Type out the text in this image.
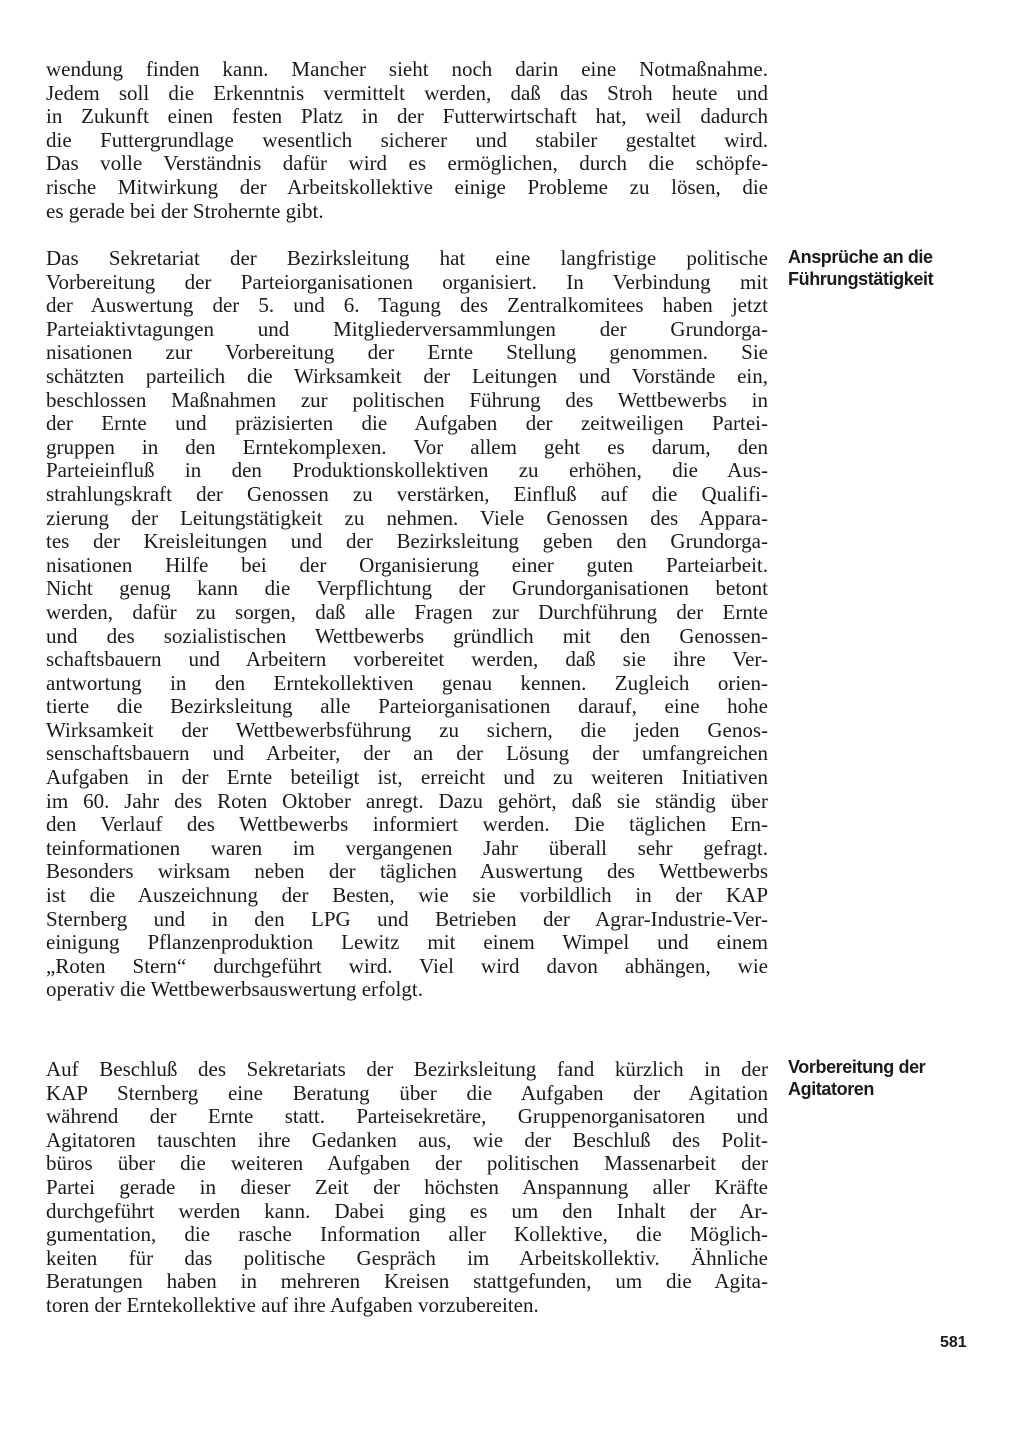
wendung finden kann. Mancher sieht noch darin eine Notmaßnahme.
Jedem soll die Erkenntnis vermittelt werden, daß das Stroh heute und
in Zukunft einen festen Platz in der Futterwirtschaft hat, weil dadurch
die Futtergrundlage wesentlich sicherer und stabiler gestaltet wird.
Das volle Verständnis dafür wird es ermöglichen, durch die schöpfe-
rische Mitwirkung der Arbeitskollektive einige Probleme zu lösen, die
es gerade bei der Strohernte gibt.
Das Sekretariat der Bezirksleitung hat eine langfristige politische
Vorbereitung der Parteiorganisationen organisiert. In Verbindung mit
der Auswertung der 5. und 6. Tagung des Zentralkomitees haben jetzt
Parteiaktivtagungen und Mitgliederversammlungen der Grundorga-
nisationen zur Vorbereitung der Ernte Stellung genommen. Sie
schätzten parteilich die Wirksamkeit der Leitungen und Vorstände ein,
beschlossen Maßnahmen zur politischen Führung des Wettbewerbs in
der Ernte und präzisierten die Aufgaben der zeitweiligen Partei-
gruppen in den Erntekomplexen. Vor allem geht es darum, den
Parteieinfluß in den Produktionskollektiven zu erhöhen, die Aus-
strahlungskraft der Genossen zu verstärken, Einfluß auf die Qualifi-
zierung der Leitungstätigkeit zu nehmen. Viele Genossen des Appara-
tes der Kreisleitungen und der Bezirksleitung geben den Grundorga-
nisationen Hilfe bei der Organisierung einer guten Parteiarbeit.
Nicht genug kann die Verpflichtung der Grundorganisationen betont
werden, dafür zu sorgen, daß alle Fragen zur Durchführung der Ernte
und des sozialistischen Wettbewerbs gründlich mit den Genossen-
schaftsbauern und Arbeitern vorbereitet werden, daß sie ihre Ver-
antwortung in den Erntekollektiven genau kennen. Zugleich orien-
tierte die Bezirksleitung alle Parteiorganisationen darauf, eine hohe
Wirksamkeit der Wettbewerbsführung zu sichern, die jeden Genos-
senschaftsbauern und Arbeiter, der an der Lösung der umfangreichen
Aufgaben in der Ernte beteiligt ist, erreicht und zu weiteren Initiativen
im 60. Jahr des Roten Oktober anregt. Dazu gehört, daß sie ständig über
den Verlauf des Wettbewerbs informiert werden. Die täglichen Ern-
teinformationen waren im vergangenen Jahr überall sehr gefragt.
Besonders wirksam neben der täglichen Auswertung des Wettbewerbs
ist die Auszeichnung der Besten, wie sie vorbildlich in der KAP
Sternberg und in den LPG und Betrieben der Agrar-Industrie-Ver-
einigung Pflanzenproduktion Lewitz mit einem Wimpel und einem
„Roten Stern“ durchgeführt wird. Viel wird davon abhängen, wie
operativ die Wettbewerbsauswertung erfolgt.
Auf Beschluß des Sekretariats der Bezirksleitung fand kürzlich in der
KAP Sternberg eine Beratung über die Aufgaben der Agitation
während der Ernte statt. Parteisekretäre, Gruppenorganisatoren und
Agitatoren tauschten ihre Gedanken aus, wie der Beschluß des Polit-
büros über die weiteren Aufgaben der politischen Massenarbeit der
Partei gerade in dieser Zeit der höchsten Anspannung aller Kräfte
durchgeführt werden kann. Dabei ging es um den Inhalt der Ar-
gumentation, die rasche Information aller Kollektive, die Möglich-
keiten für das politische Gespräch im Arbeitskollektiv. Ähnliche
Beratungen haben in mehreren Kreisen stattgefunden, um die Agita-
toren der Erntekollektive auf ihre Aufgaben vorzubereiten.
Ansprüche an die
Führungstätigkeit
Vorbereitung der
Agitatoren
581
